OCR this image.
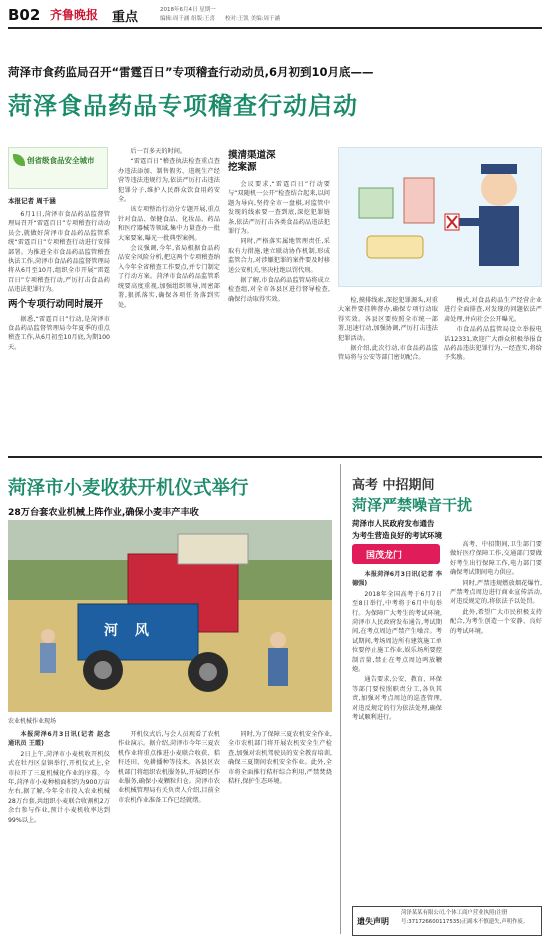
B02 齐鲁晚报 重点	2018年6月4日 星期一
编辑:周千涵 组版:王喜 校对:王凯 美编:周千涵
菏泽市食药监局召开“雷霆百日”专项稽查行动动员,6月初到10月底——
菏泽食品药品专项稽查行动启动
创省级食品安全城市
本报记者 周千涵

6月1日,菏泽市食品药品监督管理局召开“雷霆百日”专项稽查行动动员会,就做好菏泽市食品药品监管系统“雷霆百日”专项稽查行动进行安排部署。为推进全市食品药品监管稽查执法工作,菏泽市食品药品监督管理局将从6月至10月,组织全市开展“雷霆百日”专项稽查行动,严厉打击食品药品违法犯罪行为。

两个专项行动同时展开

据悉,“雷霆百日”行动,是菏泽市食品药品监督管理局今年夏季的重点稽查工作,从6月初至10月底,为期100天。

后一百多天的时间。

“雷霆百日”稽查执法检查重点查办违法添加、制售假劣、违规生产经营等违法违规行为,依法严厉打击违法犯罪分子,维护人民群众饮食用药安全。

该专项整治行动分专题开展,重点针对食品、保健食品、化妆品、药品和医疗器械等领域,集中力量查办一批大案要案,曝光一批典型案例。

会议强调,今年,省局根据食品药品安全风险分析,把这两个专项稽查纳入今年全省稽查工作要点,并专门制定了行动方案。菏泽市食品药品监管系统要高度重视,加强组织领导,周密部署,狠抓落实,确保各项任务落到实处。

摸清渠道深挖案源

会议要求,“雷霆百日”行动要与“双随机一公开”检查结合起来,以问题为导向,坚持全市一盘棋,对监管中发现的线索要一查到底,深挖犯罪链条,依法严厉打击各类食品药品违法犯罪行为。

同时,严格落实属地管理责任,采取有力措施,建立联动协作机制,形成监管合力,对涉嫌犯罪的案件要及时移送公安机关,坚决杜绝以罚代刑。

据了解,市食品药品监管局将成立检查组,对全市各县区进行督导检查,确保行动取得实效。	检,摸排线索,深挖犯罪源头,对重大案件要挂牌督办,确保专项行动取得实效。各县区要按照全市统一部署,迅速行动,加强协调,严厉打击违法犯罪活动。

据介绍,此次行动,市食品药品监管局将与公安等部门密切配合。

模式,对食品药品生产经营企业进行全面排查,对发现的问题依法严肃处理,并向社会公开曝光。

市食品药品监管局设立举报电话12331,欢迎广大群众积极举报食品药品违法犯罪行为,一经查实,将给予奖励。

菏泽市小麦收获开机仪式举行
28万台套农业机械上阵作业,确保小麦丰产丰收
河 风
农业机械作业现场

本报菏泽6月3日讯(记者 赵念 通讯员 王霞)

2日上午,菏泽市小麦机收开机仪式在牡丹区皇镇举行,开机仪式上,全市拉开了三夏机械化作业的序幕。今年,菏泽市小麦种植面积约为900万亩左右,据了解,今年全市投入农业机械28万台套,共组织小麦联合收割机2万余台参与作业,预计小麦机收率达到99%以上。

开机仪式后,与会人员观看了农机作业演示。据介绍,菏泽市今年三夏农机作业将重点推进小麦联合收获、秸秆还田、免耕播种等技术。各县区农机部门将组织农机服务队,开展跨区作业服务,确保小麦颗粒归仓。菏泽市农业机械管理局有关负责人介绍,目前全市农机作业准备工作已经就绪。

同时,为了保障三夏农机安全作业,全市农机部门将开展农机安全生产检查,加强对农机驾驶员的安全教育培训,确保三夏期间农机安全作业。此外,全市将全面推行秸秆综合利用,严禁焚烧秸秆,保护生态环境。

高考 中招期间
菏泽严禁噪音干扰
菏泽市人民政府发布通告
为考生营造良好的考试环境
国茂龙门

本报菏泽6月3日讯(记者 李德强)

2018年全国高考于6月7日至8日举行,中考将于6月中旬举行。为保障广大考生的考试环境,菏泽市人民政府发布通告,考试期间,在考点周边严禁产生噪音。考试期间,考场周边所有建筑施工单位要停止施工作业,娱乐场所要控制音量,禁止在考点周边鸣放鞭炮。

通告要求,公安、教育、环保等部门要按照职责分工,各负其责,加强对考点周边的巡查管理,对违反规定的行为依法处理,确保考试顺利进行。

高考、中招期间,卫生部门要做好医疗保障工作,交通部门要做好考生出行保障工作,电力部门要确保考试期间电力供应。

同时,严禁违规燃放烟花爆竹,严禁考点周边进行商业宣传活动,对违反规定的,将依法予以处罚。

此外,希望广大市民积极支持配合,为考生创造一个安静、良好的考试环境。

遗失声明
菏泽某某有限公司,个体工商户营业执照(注册号:371726600117535)正副本不慎遗失,声明作废。
